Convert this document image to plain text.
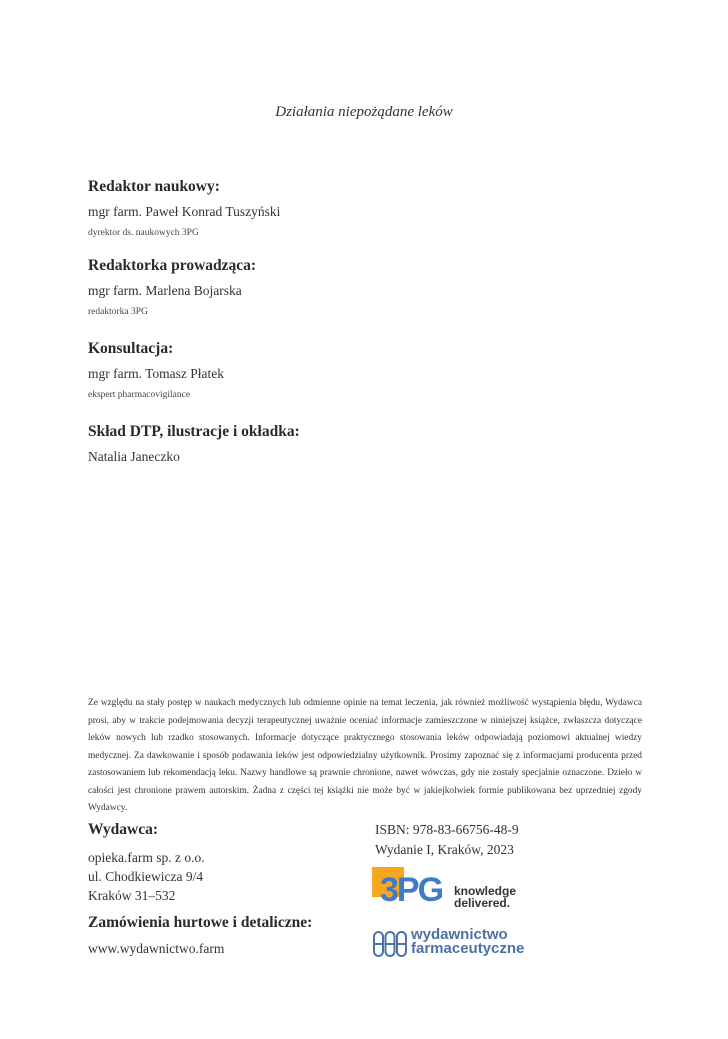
Działania niepożądane leków

Redaktor naukowy:

mgr farm. Paweł Konrad Tuszyński
dyrektor ds. naukowych 3PG

Redaktorka prowadząca:

mgr farm. Marlena Bojarska
redaktorka 3PG

Konsultacja:

mgr farm. Tomasz Płatek
ekspert pharmacovigilance

Skład DTP, ilustracje i okładka:

Natalia Janeczko
Ze względu na stały postęp w naukach medycznych lub odmienne opinie na temat leczenia, jak również możliwość wystąpienia błędu, Wydawca prosi, aby w trakcie podejmowania decyzji terapeutycznej uważnie oceniać informacje zamieszczone w niniejszej książce, zwłaszcza dotyczące leków nowych lub rzadko stosowanych. Informacje dotyczące praktycznego stosowania leków odpowiadają poziomowi aktualnej wiedzy medycznej. Za dawkowanie i sposób podawania leków jest odpowiedzialny użytkownik. Prosimy zapoznać się z informacjami producenta przed zastosowaniem lub rekomendacją leku. Nazwy handlowe są prawnie chronione, nawet wówczas, gdy nie zostały specjalnie oznaczone. Dzieło w całości jest chronione prawem autorskim. Żadna z części tej książki nie może być w jakiejkolwiek formie publikowana bez uprzedniej zgody Wydawcy.

Wydawca:

opieka.farm sp. z o.o.
ul. Chodkiewicza 9/4
Kraków 31–532

Zamówienia hurtowe i detaliczne:

www.wydawnictwo.farm
ISBN: 978-83-66756-48-9
Wydanie I, Kraków, 2023
3PG knowledge
delivered.
wydawnictwo
farmaceutyczne
